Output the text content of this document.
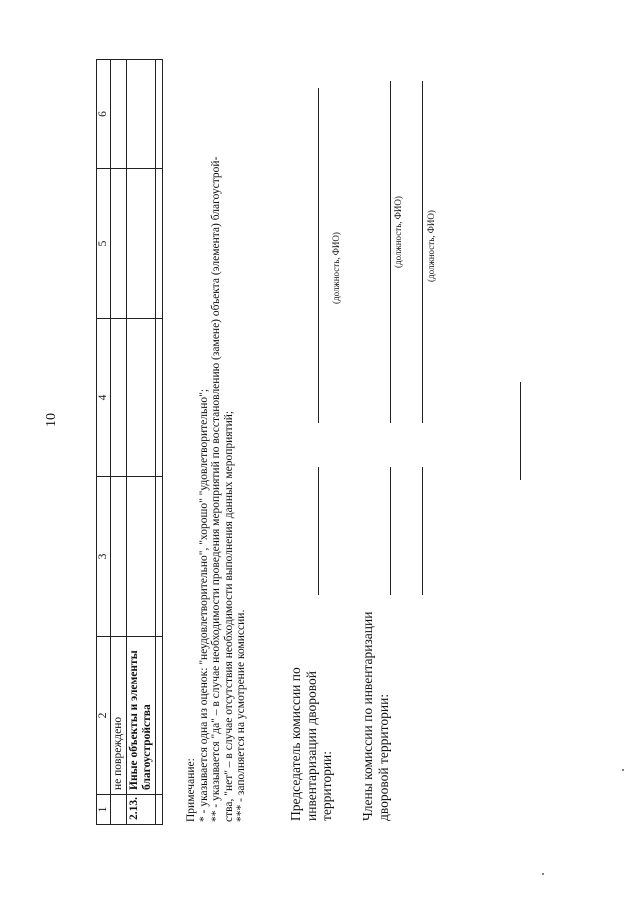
10
1	2	3	4	5	6
	не повреждено				
2.13.	Иные объекты и элементы благоустройства				

Примечание: * - указывается одна из оценок: "неудовлетворительно", "хорошо" "удовлетворительно"; ** - указывается "да" – в случае необходимости проведения мероприятий по восстановлению (замене) объекта (элемента) благоустрой- ства, "нет" – в случае отсутствия необходимости выполнения данных мероприятий; *** - заполняется на усмотрение комиссии.	Председатель комиссии по инвентаризации дворовой территории:
(должность, ФИО)
Члены комиссии по инвентаризации дворовой территории:
(должность, ФИО)	(должность, ФИО)
